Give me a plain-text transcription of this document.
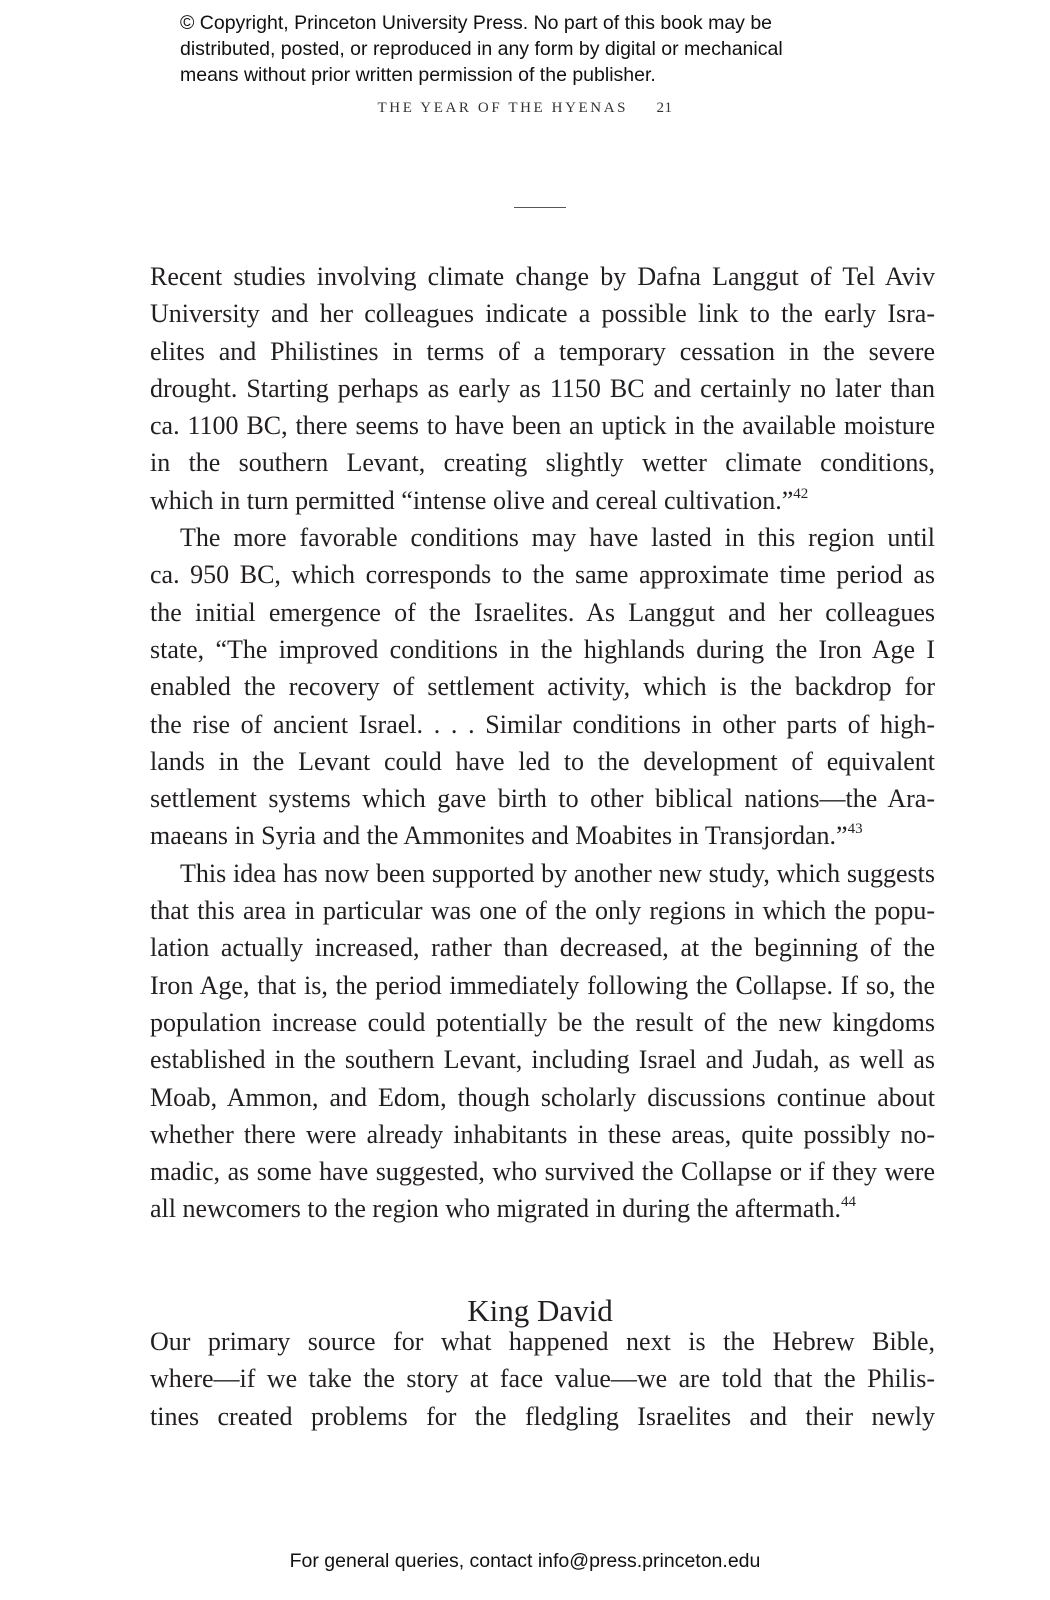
© Copyright, Princeton University Press. No part of this book may be
distributed, posted, or reproduced in any form by digital or mechanical
means without prior written permission of the publisher.
THE YEAR OF THE HYENAS 21
Recent studies involving climate change by Dafna Langgut of Tel Aviv
University and her colleagues indicate a possible link to the early Isra-
elites and Philistines in terms of a temporary cessation in the severe
drought. Starting perhaps as early as 1150 BC and certainly no later than
ca. 1100 BC, there seems to have been an uptick in the available moisture
in the southern Levant, creating slightly wetter climate conditions,
which in turn permitted “intense olive and cereal cultivation.”$^{42}$
The more favorable conditions may have lasted in this region until
ca. 950 BC, which corresponds to the same approximate time period as
the initial emergence of the Israelites. As Langgut and her colleagues
state, “The improved conditions in the highlands during the Iron Age I
enabled the recovery of settlement activity, which is the backdrop for
the rise of ancient Israel. . . . Similar conditions in other parts of high-
lands in the Levant could have led to the development of equivalent
settlement systems which gave birth to other biblical nations—the Ara-
maeans in Syria and the Ammonites and Moabites in Transjordan.”$^{43}$
This idea has now been supported by another new study, which suggests
that this area in particular was one of the only regions in which the popu-
lation actually increased, rather than decreased, at the beginning of the
Iron Age, that is, the period immediately following the Collapse. If so, the
population increase could potentially be the result of the new kingdoms
established in the southern Levant, including Israel and Judah, as well as
Moab, Ammon, and Edom, though scholarly discussions continue about
whether there were already inhabitants in these areas, quite possibly no-
madic, as some have suggested, who survived the Collapse or if they were
all newcomers to the region who migrated in during the aftermath.$^{44}$
King David
Our primary source for what happened next is the Hebrew Bible,
where—if we take the story at face value—we are told that the Philis-
tines created problems for the fledgling Israelites and their newly
For general queries, contact info@press.princeton.edu
